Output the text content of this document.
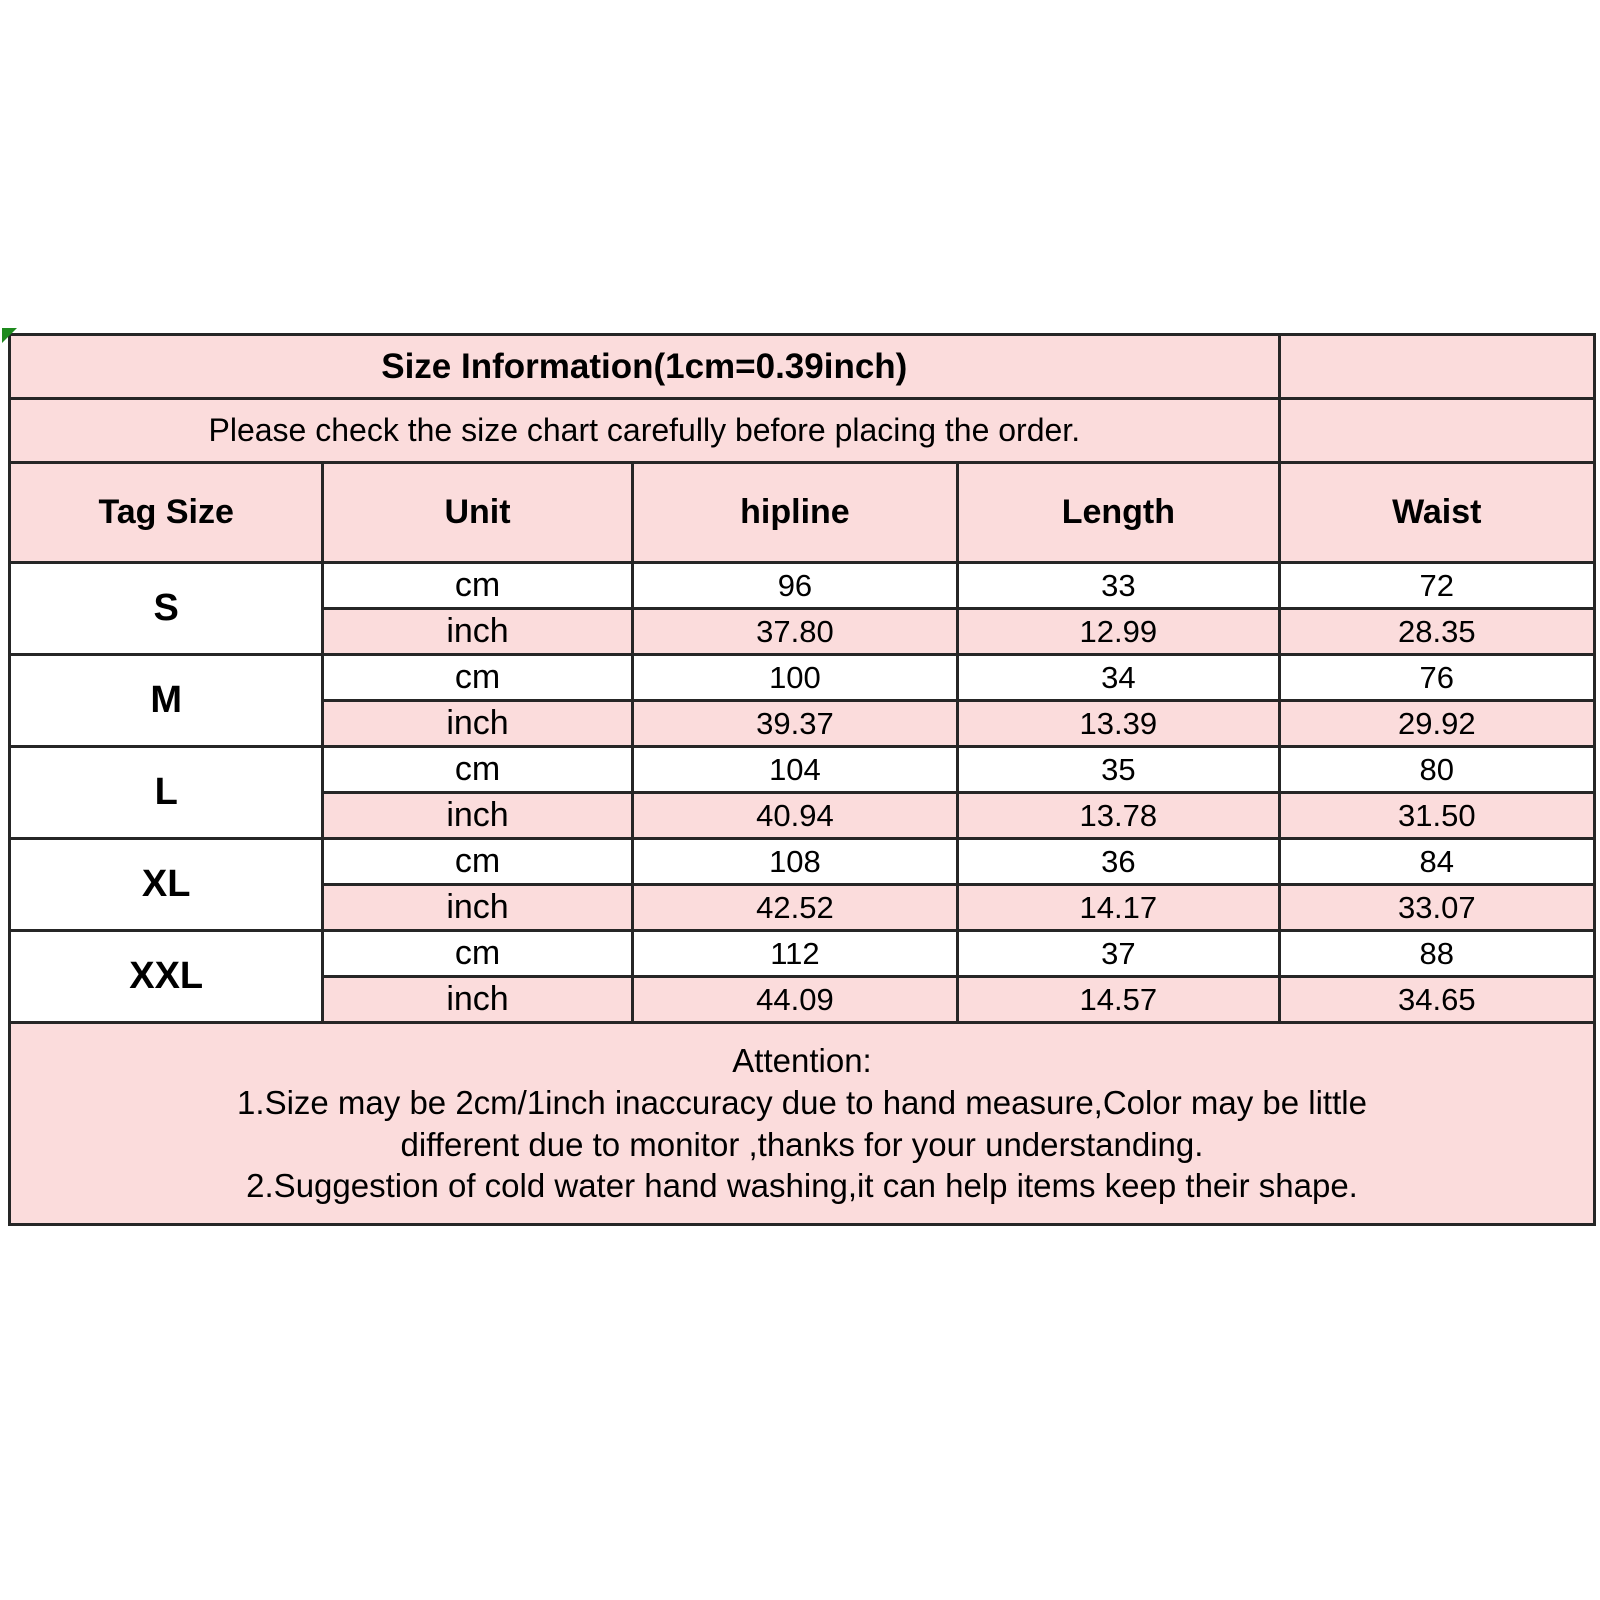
Size Information(1cm=0.39inch)				
Please check the size chart carefully before placing the order.				
Tag Size	Unit	hipline	Length	Waist
S	cm	96	33	72
	inch	37.80	12.99	28.35
M	cm	100	34	76
	inch	39.37	13.39	29.92
L	cm	104	35	80
	inch	40.94	13.78	31.50
XL	cm	108	36	84
	inch	42.52	14.17	33.07
XXL	cm	112	37	88
	inch	44.09	14.57	34.65

Attention:
1.Size may be 2cm/1inch inaccuracy due to hand measure,Color may be little
different due to monitor ,thanks for your understanding.
2.Suggestion of cold water hand washing,it can help items keep their shape.				
